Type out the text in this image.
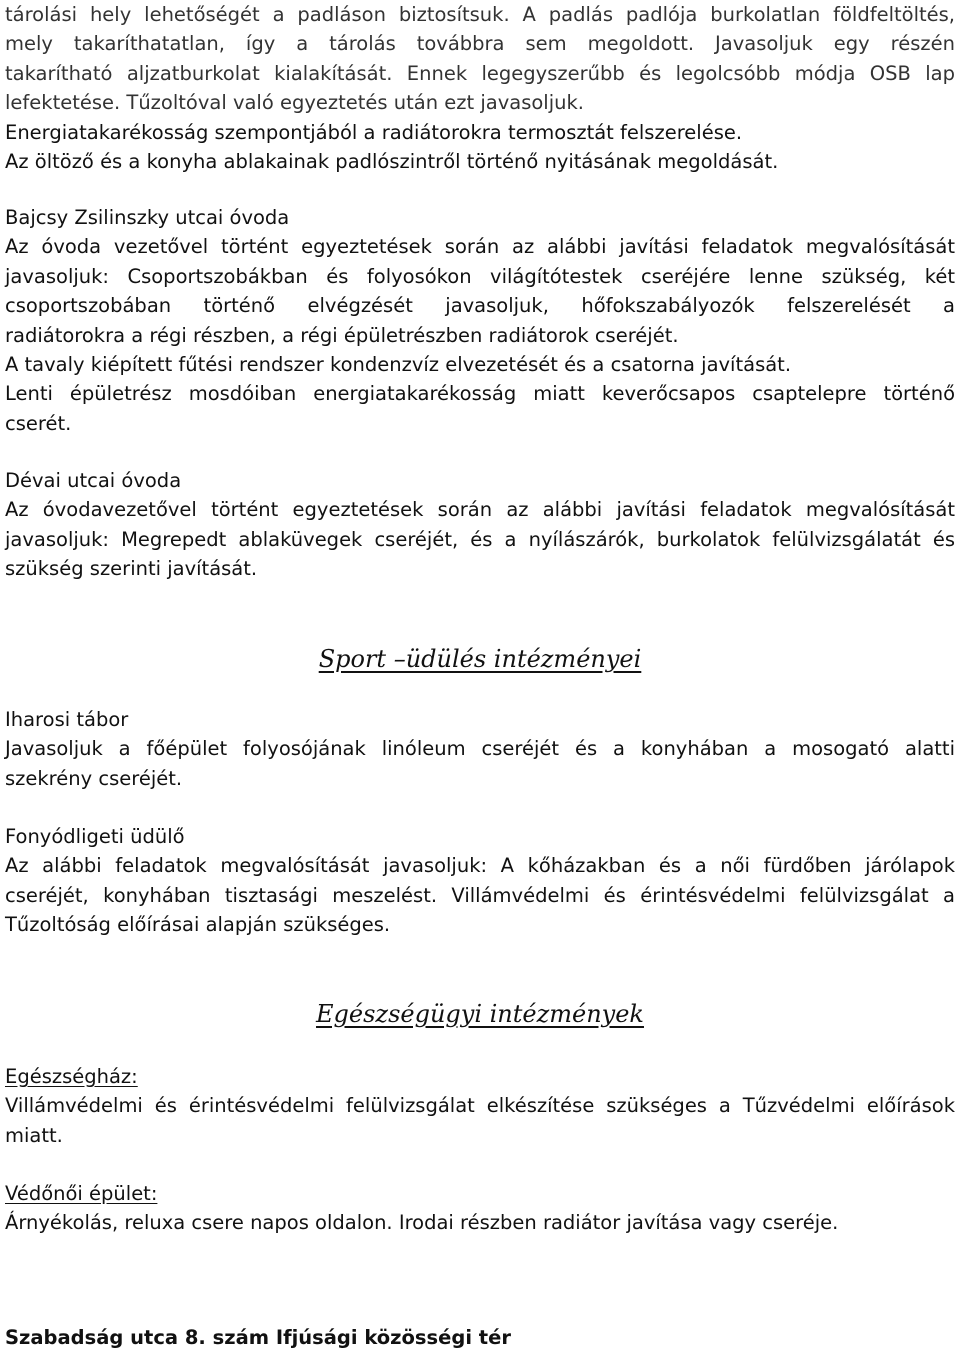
tárolási hely lehetőségét a padláson biztosítsuk. A padlás padlója burkolatlan földfeltöltés,
mely takaríthatatlan, így a tárolás továbbra sem megoldott. Javasoljuk egy részén
takarítható aljzatburkolat kialakítását. Ennek legegyszerűbb és legolcsóbb módja OSB lap
lefektetése. Tűzoltóval való egyeztetés után ezt javasoljuk.
Energiatakarékosság szempontjából a radiátorokra termosztát felszerelése.
Az öltöző és a konyha ablakainak padlószintről történő nyitásának megoldását.
Bajcsy Zsilinszky utcai óvoda
Az óvoda vezetővel történt egyeztetések során az alábbi javítási feladatok megvalósítását
javasoljuk: Csoportszobákban és folyosókon világítótestek cseréjére lenne szükség, két
csoportszobában történő elvégzését javasoljuk, hőfokszabályozók felszerelését a
radiátorokra a régi részben, a régi épületrészben radiátorok cseréjét.
A tavaly kiépített fűtési rendszer kondenzvíz elvezetését és a csatorna javítását.
Lenti épületrész mosdóiban energiatakarékosság miatt keverőcsapos csaptelepre történő
cserét.
Dévai utcai óvoda
Az óvodavezetővel történt egyeztetések során az alábbi javítási feladatok megvalósítását
javasoljuk: Megrepedt ablaküvegek cseréjét, és a nyílászárók, burkolatok felülvizsgálatát és
szükség szerinti javítását.
Sport –üdülés intézményei
Iharosi tábor
Javasoljuk a főépület folyosójának linóleum cseréjét és a konyhában a mosogató alatti
szekrény cseréjét.
Fonyódligeti üdülő
Az alábbi feladatok megvalósítását javasoljuk: A kőházakban és a női fürdőben járólapok
cseréjét, konyhában tisztasági meszelést. Villámvédelmi és érintésvédelmi felülvizsgálat a
Tűzoltóság előírásai alapján szükséges.
Egészségügyi intézmények
Egészségház:
Villámvédelmi és érintésvédelmi felülvizsgálat elkészítése szükséges a Tűzvédelmi előírások
miatt.
Védőnői épület:
Árnyékolás, reluxa csere napos oldalon. Irodai részben radiátor javítása vagy cseréje.
Szabadság utca 8. szám Ifjúsági közösségi tér
